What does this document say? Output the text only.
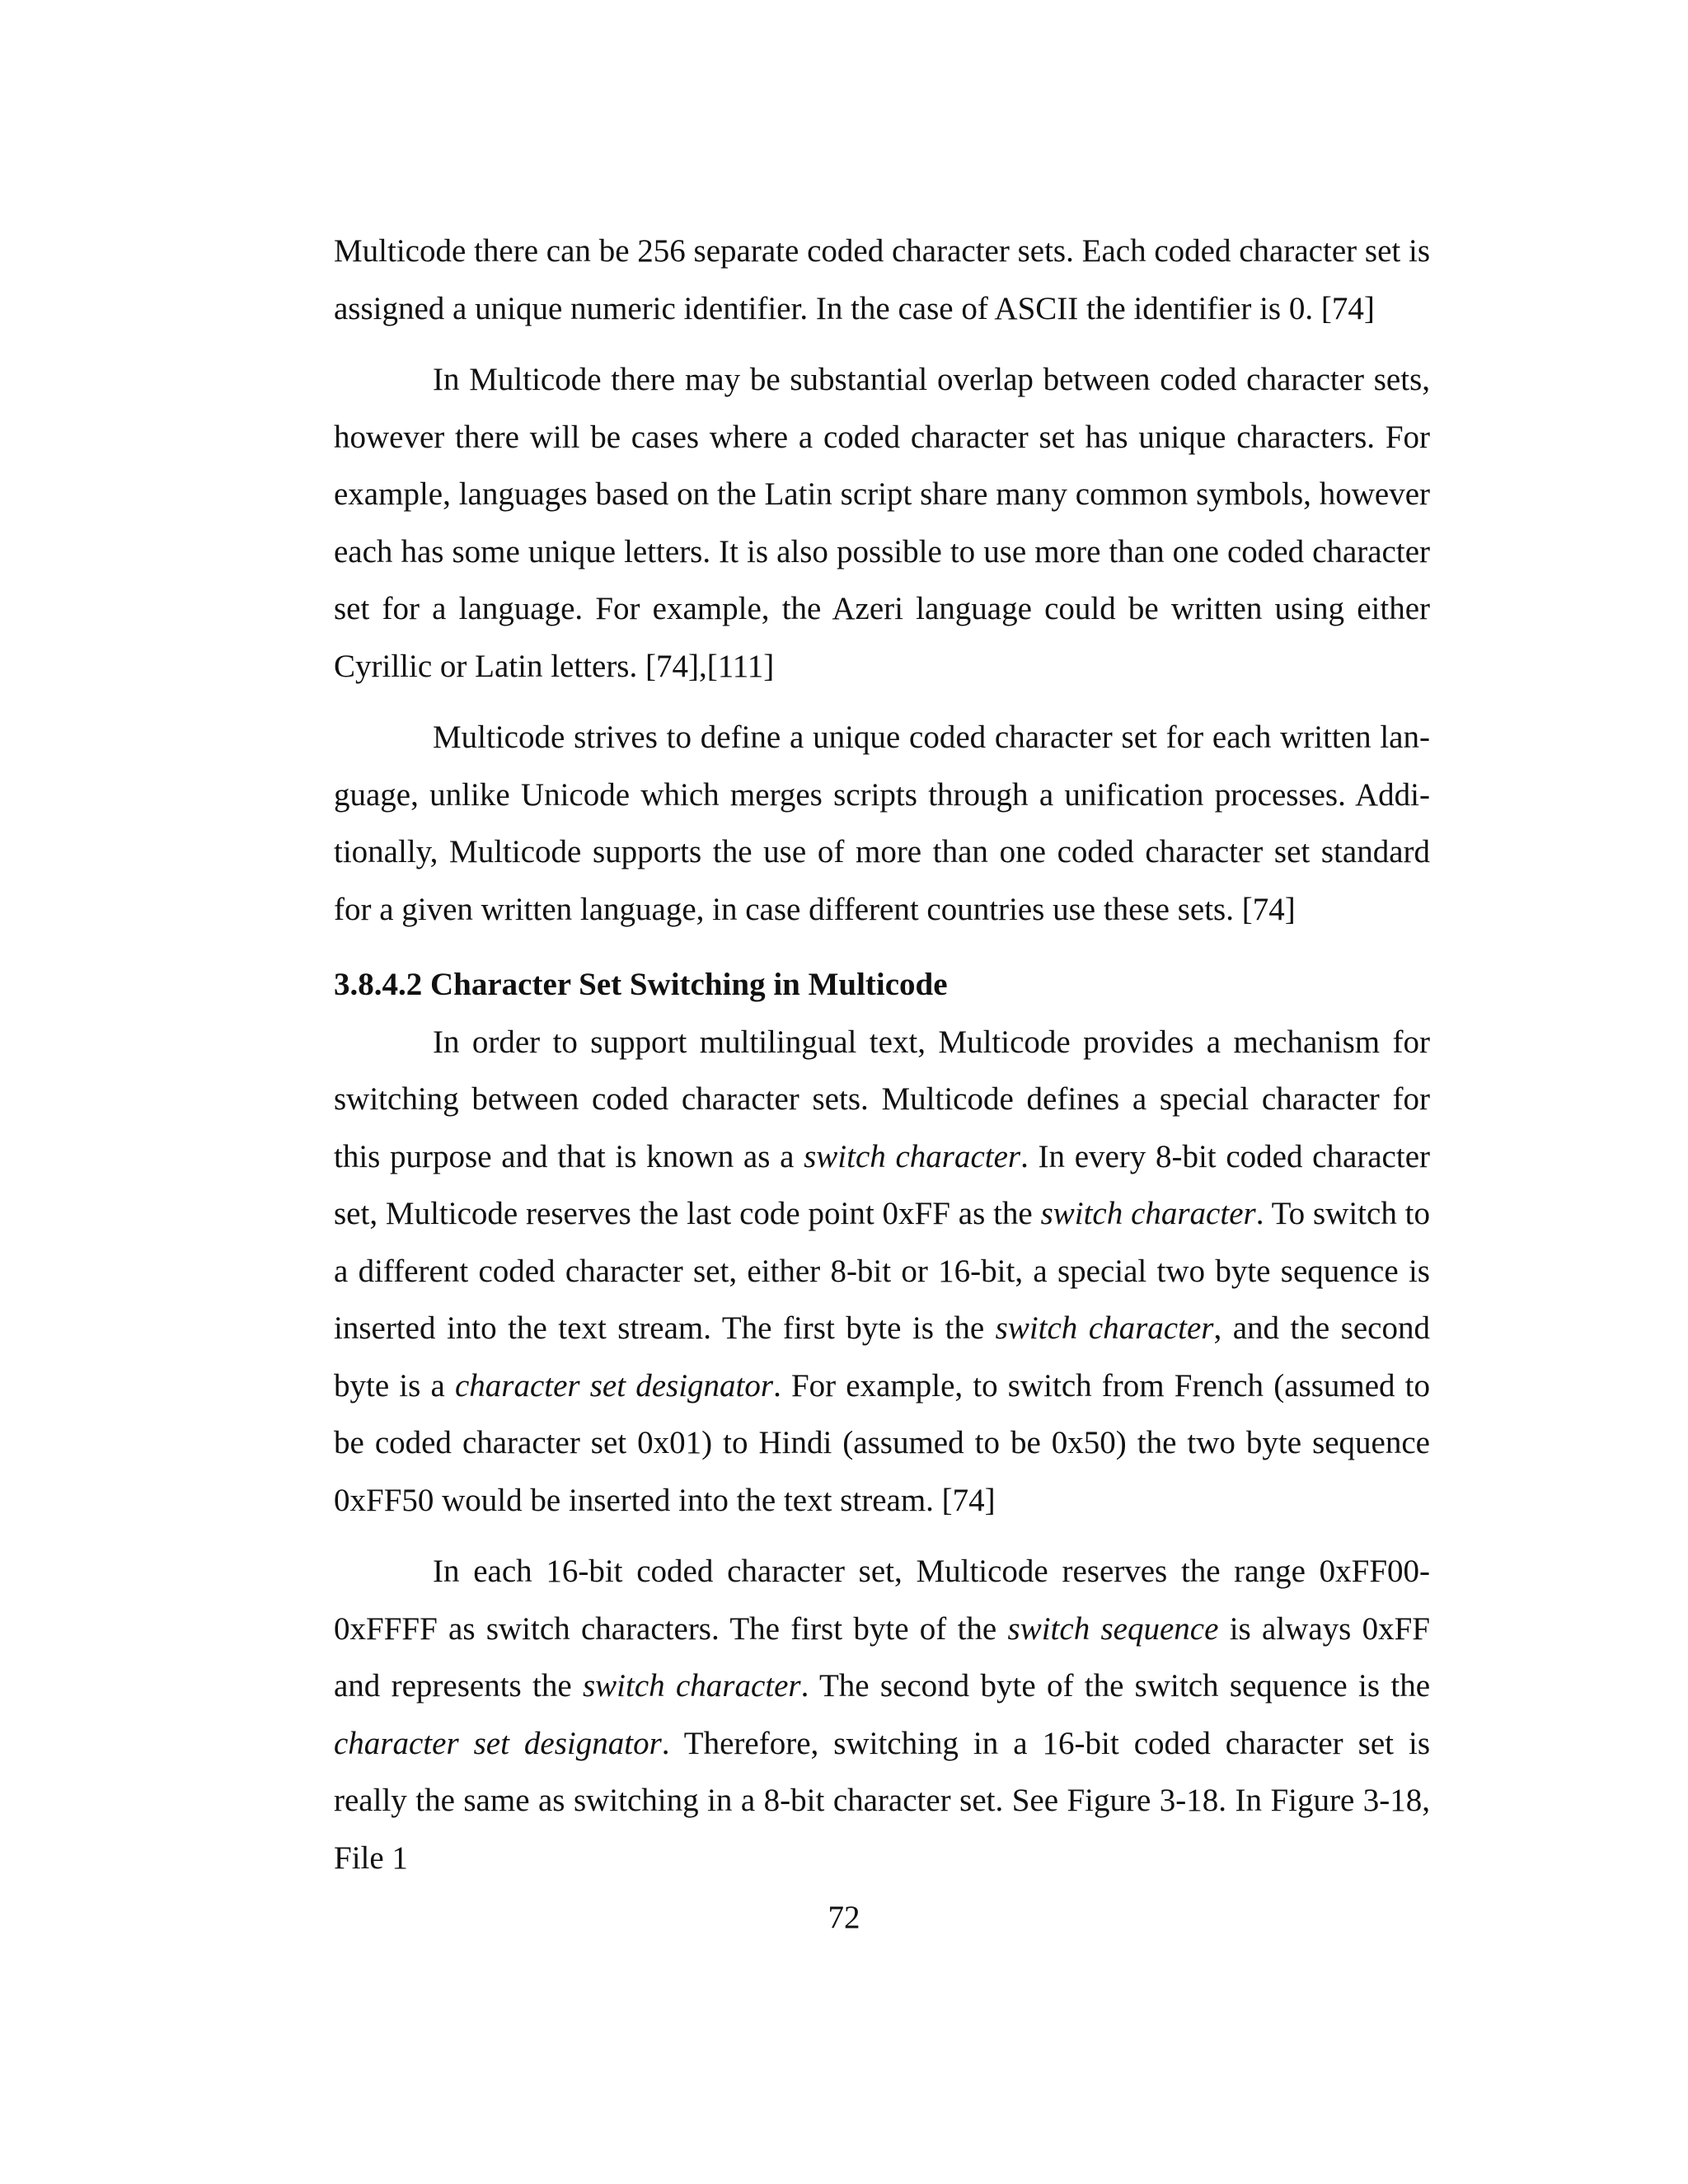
Multicode there can be 256 separate coded character sets. Each coded character set is assigned a unique numeric identifier. In the case of ASCII the identifier is 0. [74]

In Multicode there may be substantial overlap between coded character sets, however there will be cases where a coded character set has unique characters. For example, languages based on the Latin script share many common symbols, however each has some unique letters. It is also possible to use more than one coded character set for a language. For example, the Azeri language could be written using either Cyrillic or Latin letters. [74],[111]

Multicode strives to define a unique coded character set for each written language, unlike Unicode which merges scripts through a unification processes. Additionally, Multicode supports the use of more than one coded character set standard for a given written language, in case different countries use these sets. [74]

3.8.4.2 Character Set Switching in Multicode

In order to support multilingual text, Multicode provides a mechanism for switching between coded character sets. Multicode defines a special character for this purpose and that is known as a switch character. In every 8-bit coded character set, Multicode reserves the last code point 0xFF as the switch character. To switch to a different coded character set, either 8-bit or 16-bit, a special two byte sequence is inserted into the text stream. The first byte is the switch character, and the second byte is a character set designator. For example, to switch from French (assumed to be coded character set 0x01) to Hindi (assumed to be 0x50) the two byte sequence 0xFF50 would be inserted into the text stream. [74]

In each 16-bit coded character set, Multicode reserves the range 0xFF00-0xFFFF as switch characters. The first byte of the switch sequence is always 0xFF and represents the switch character. The second byte of the switch sequence is the character set designator. Therefore, switching in a 16-bit coded character set is really the same as switching in a 8-bit character set. See Figure 3-18. In Figure 3-18, File 1

72
